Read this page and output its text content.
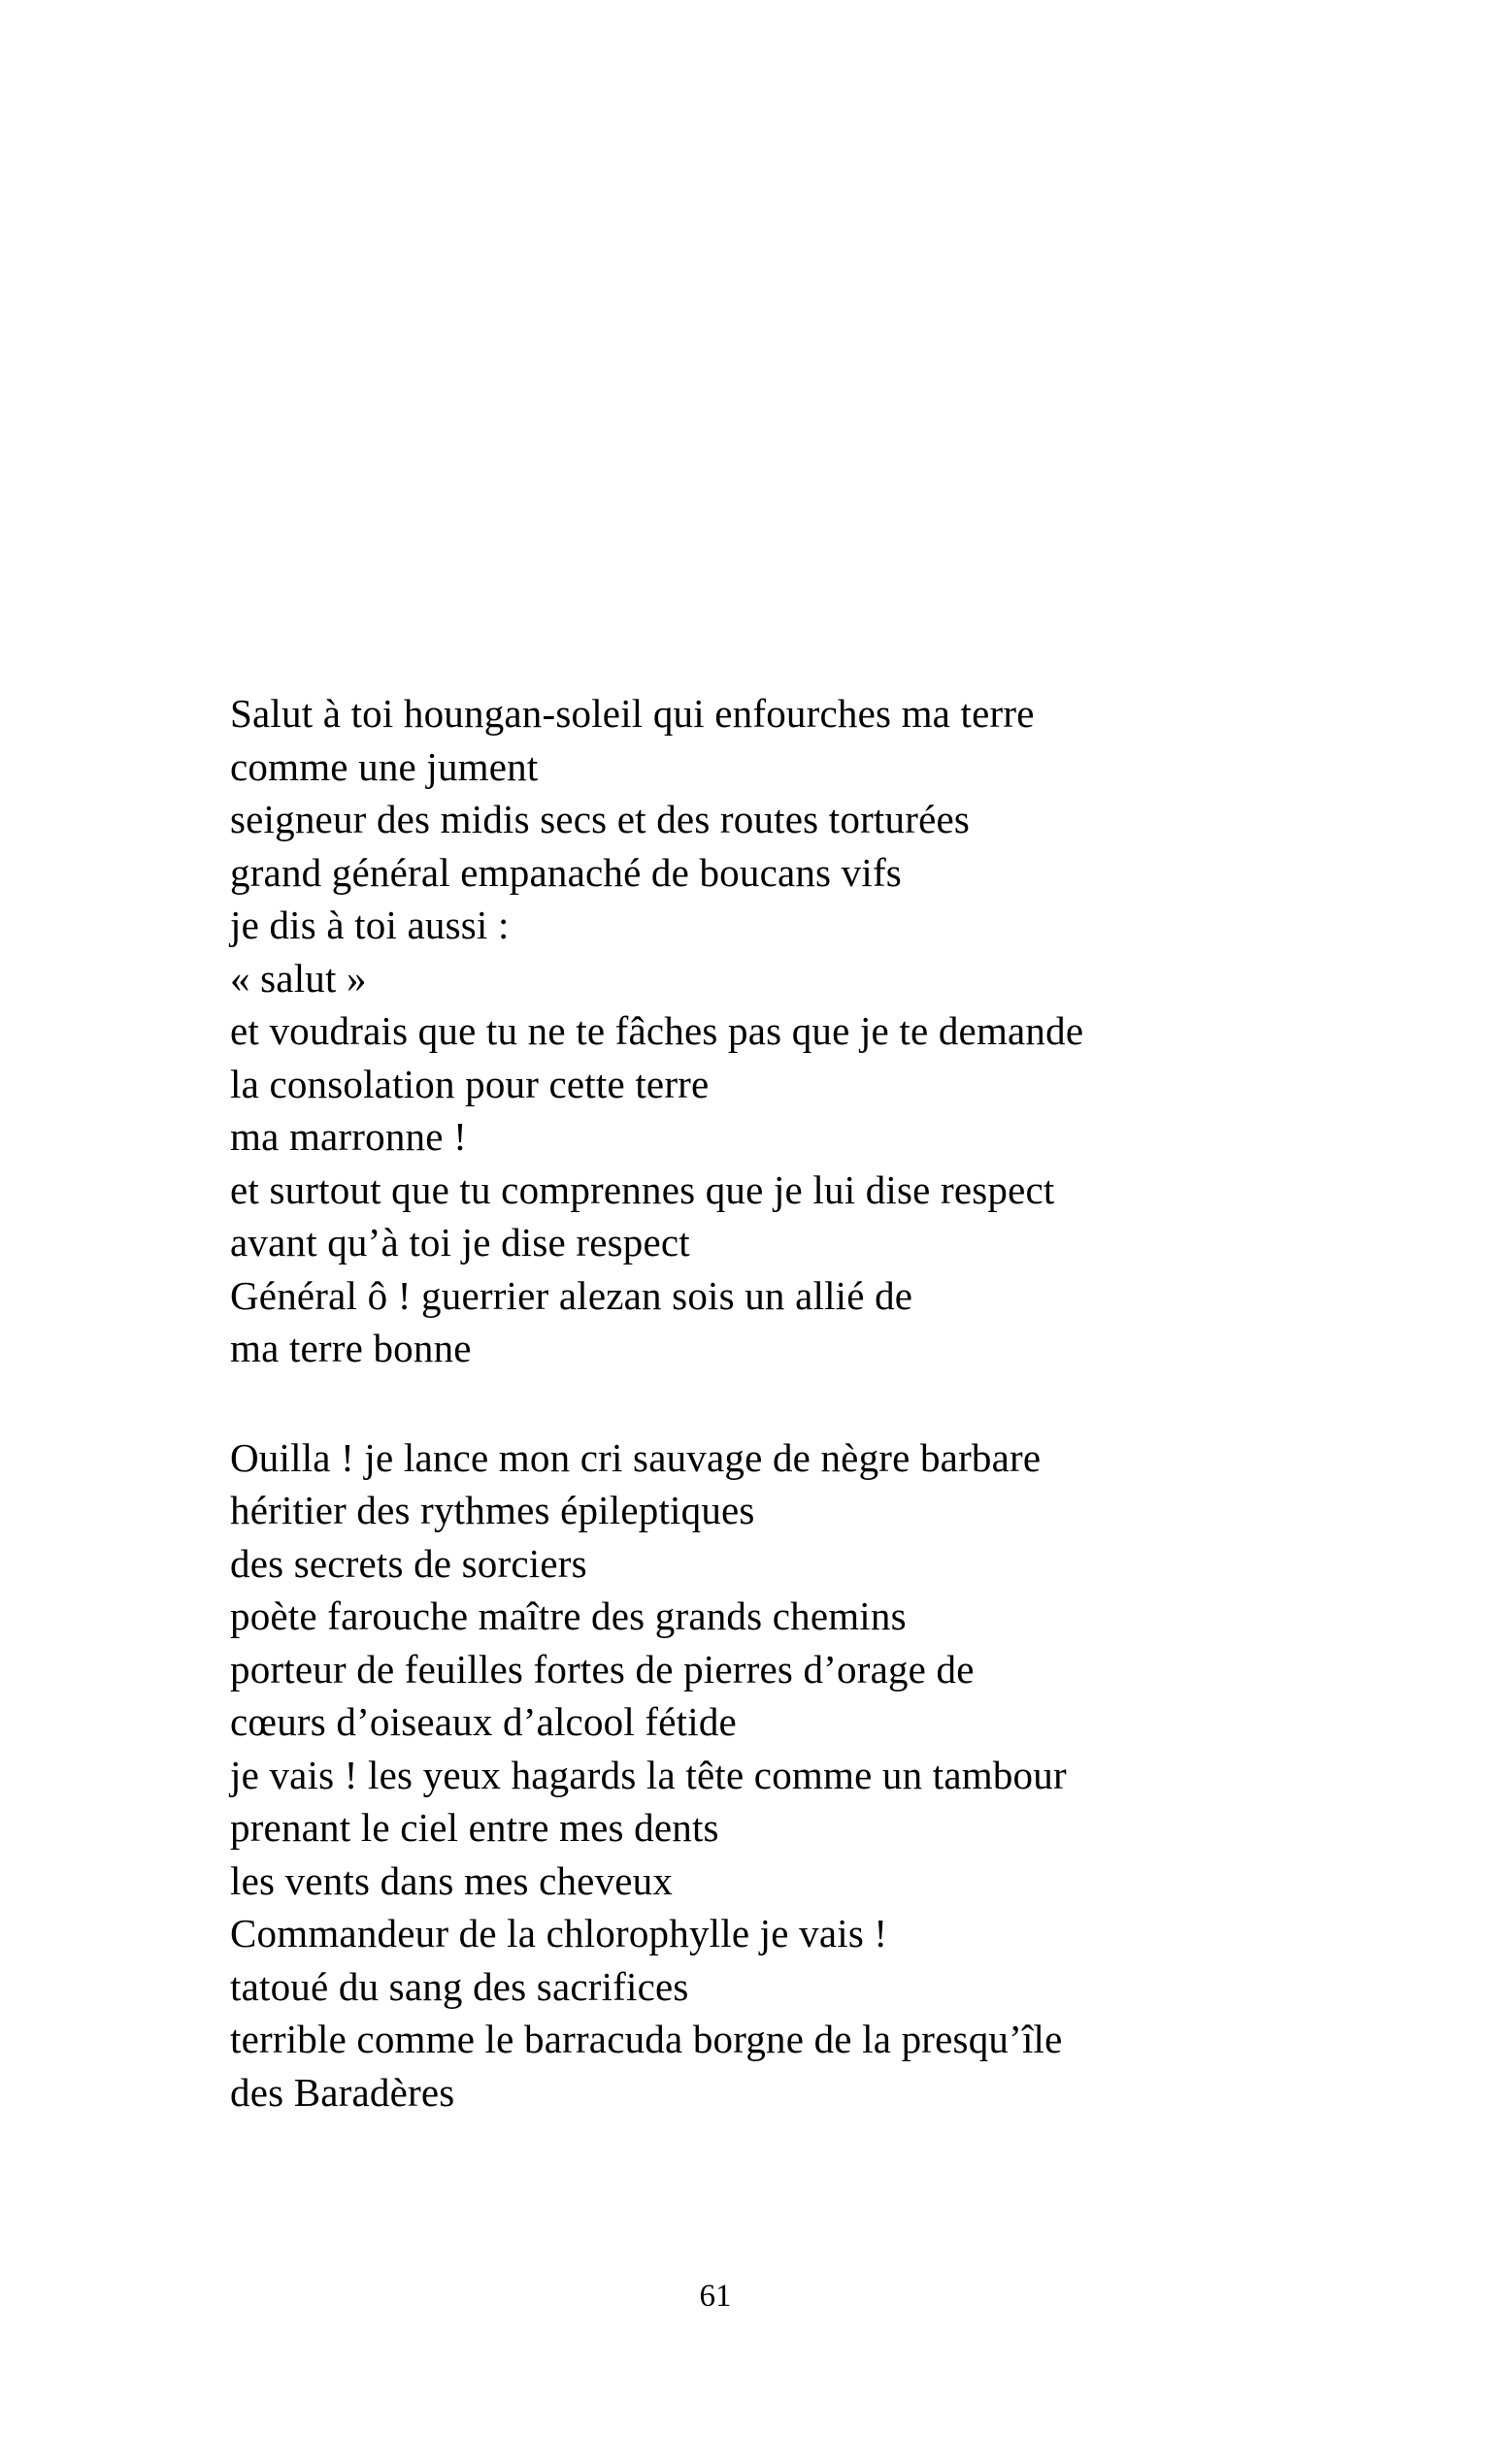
Salut à toi houngan-soleil qui enfourches ma terre
comme une jument
seigneur des midis secs et des routes torturées
grand général empanaché de boucans vifs
je dis à toi aussi :
« salut »
et voudrais que tu ne te fâches pas que je te demande
la consolation pour cette terre
ma marronne !
et surtout que tu comprennes que je lui dise respect
avant qu’à toi je dise respect
Général ô ! guerrier alezan sois un allié de
ma terre bonne
Ouilla ! je lance mon cri sauvage de nègre barbare
héritier des rythmes épileptiques
des secrets de sorciers
poète farouche maître des grands chemins
porteur de feuilles fortes de pierres d’orage de
cœurs d’oiseaux d’alcool fétide
je vais ! les yeux hagards la tête comme un tambour
prenant le ciel entre mes dents
les vents dans mes cheveux
Commandeur de la chlorophylle je vais !
tatoué du sang des sacrifices
terrible comme le barracuda borgne de la presqu’île
des Baradères
61
